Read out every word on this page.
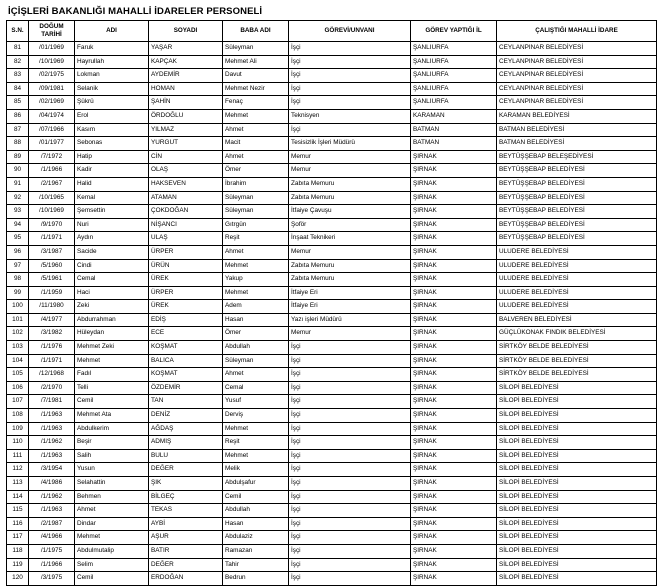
İÇİŞLERİ BAKANLIĞI MAHALLİ İDARELER PERSONELİ
S.N.	DOĞUM TARİHİ	ADI	SOYADI	BABA ADI	GÖREVİ/UNVANI	GÖREV YAPTIĞI İL	ÇALIŞTIĞI MAHALLİ İDARE
81	/01/1969	Faruk	YAŞAR	Süleyman	İşçi	ŞANLIURFA	CEYLANPINAR BELEDİYESİ
82	/10/1969	Hayrullah	KAPÇAK	Mehmet Ali	İşçi	ŞANLIURFA	CEYLANPINAR BELEDİYESİ
83	/02/1975	Lokman	AYDEMİR	Davut	İşçi	ŞANLIURFA	CEYLANPINAR BELEDİYESİ
84	/09/1981	Selanik	HOMAN	Mehmet Nezir	İşçi	ŞANLIURFA	CEYLANPINAR BELEDİYESİ
85	/02/1969	Şükrü	ŞAHİN	Fenaç	İşçi	ŞANLIURFA	CEYLANPINAR BELEDİYESİ
86	/04/1974	Erol	ÖRDOĞLU	Mehmet	Teknisyen	KARAMAN	KARAMAN BELEDİYESİ
87	/07/1966	Kasım	YILMAZ	Ahmet	İşçi	BATMAN	BATMAN BELEDİYESİ
88	/01/1977	Sebonas	YURGUT	Macit	Tesisizlik İşleri Müdürü	BATMAN	BATMAN BELEDİYESİ
89	/7/1972	Hatip	CİN	Ahmet	Memur	ŞIRNAK	BEYTÜŞŞEBAP BELEŞEDİYESİ
90	/1/1966	Kadir	OLAŞ	Ömer	Memur	ŞIRNAK	BEYTÜŞŞEBAP BELEDİYESİ
91	/2/1967	Halid	HAKSEVEN	İbrahim	Zabıta Memuru	ŞIRNAK	BEYTÜŞŞEBAP BELEDİYESİ
92	/10/1965	Kemal	ATAMAN	Süleyman	Zabıta Memuru	ŞIRNAK	BEYTÜŞŞEBAP BELEDİYESİ
93	/10/1969	Şemsettin	ÇOKDOĞAN	Süleyman	İtfaiye Çavuşu	ŞIRNAK	BEYTÜŞŞEBAP BELEDİYESİ
94	/9/1970	Nuri	NİŞANCI	Gıtrgün	Şoför	ŞIRNAK	BEYTÜŞŞEBAP BELEDİYESİ
95	/1/1971	Aydın	ULAŞ	Reşit	İnşaat Teknikeri	ŞIRNAK	BEYTÜŞŞEBAP BELEDİYESİ
96	/3/1987	Sacide	ÜRPER	Ahmet	Memur	ŞIRNAK	ULUDERE BELEDİYESİ
97	/5/1960	Cindi	ÜRÜN	Mehmet	Zabıta Memuru	ŞIRNAK	ULUDERE BELEDİYESİ
98	/5/1961	Cemal	ÜREK	Yakup	Zabıta Memuru	ŞIRNAK	ULUDERE BELEDİYESİ
99	/1/1959	Haci	ÜRPER	Mehmet	İtfaiye Eri	ŞIRNAK	ULUDERE BELEDİYESİ
100	/11/1980	Zeki	ÜREK	Adem	İtfaiye Eri	ŞIRNAK	ULUDERE BELEDİYESİ
101	/4/1977	Abdurrahman	EDİŞ	Hasan	Yazı işleri Müdürü	ŞIRNAK	BALVEREN BELEDİYESİ
102	/3/1982	Hüleydan	ECE	Ömer	Memur	ŞIRNAK	GÜÇLÜKONAK FINDIK BELEDİYESİ
103	/1/1976	Mehmet Zeki	KOŞMAT	Abdullah	İşçi	ŞIRNAK	SİRTKÖY BELDE BELEDİYESİ
104	/1/1971	Mehmet	BALICA	Süleyman	İşçi	ŞIRNAK	SİRTKÖY BELDE BELEDİYESİ
105	/12/1968	Fadıl	KOŞMAT	Ahmet	İşçi	ŞIRNAK	SİRTKÖY BELDE BELEDİYESİ
106	/2/1970	Telli	ÖZDEMİR	Cemal	İşçi	ŞIRNAK	SİLOPİ BELEDİYESİ
107	/7/1981	Cemil	TAN	Yusuf	İşçi	ŞIRNAK	SİLOPİ BELEDİYESİ
108	/1/1963	Mehmet Ata	DENİZ	Derviş	İşçi	ŞIRNAK	SİLOPİ BELEDİYESİ
109	/1/1963	Abdulkerim	AĞDAŞ	Mehmet	İşçi	ŞIRNAK	SİLOPİ BELEDİYESİ
110	/1/1962	Beşir	ADMIŞ	Reşit	İşçi	ŞIRNAK	SİLOPİ BELEDİYESİ
111	/1/1963	Salih	BULU	Mehmet	İşçi	ŞIRNAK	SİLOPİ BELEDİYESİ
112	/3/1954	Yusun	DEĞER	Melik	İşçi	ŞIRNAK	SİLOPİ BELEDİYESİ
113	/4/1986	Selahattin	ŞIK	Abdulşafur	İşçi	ŞIRNAK	SİLOPİ BELEDİYESİ
114	/1/1962	Behmen	BİLGEÇ	Cemil	İşçi	ŞIRNAK	SİLOPİ BELEDİYESİ
115	/1/1963	Ahmet	TEKAS	Abdullah	İşçi	ŞIRNAK	SİLOPİ BELEDİYESİ
116	/2/1987	Dindar	AYBİ	Hasan	İşçi	ŞIRNAK	SİLOPİ BELEDİYESİ
117	/4/1966	Mehmet	AŞUR	Abdulaziz	İşçi	ŞIRNAK	SİLOPİ BELEDİYESİ
118	/1/1975	Abdulmutalip	BATIR	Ramazan	İşçi	ŞIRNAK	SİLOPİ BELEDİYESİ
119	/1/1966	Selim	DEĞER	Tahir	İşçi	ŞIRNAK	SİLOPİ BELEDİYESİ
120	/3/1975	Cemil	ERDOĞAN	Bedrun	İşçi	ŞIRNAK	SİLOPİ BELEDİYESİ
